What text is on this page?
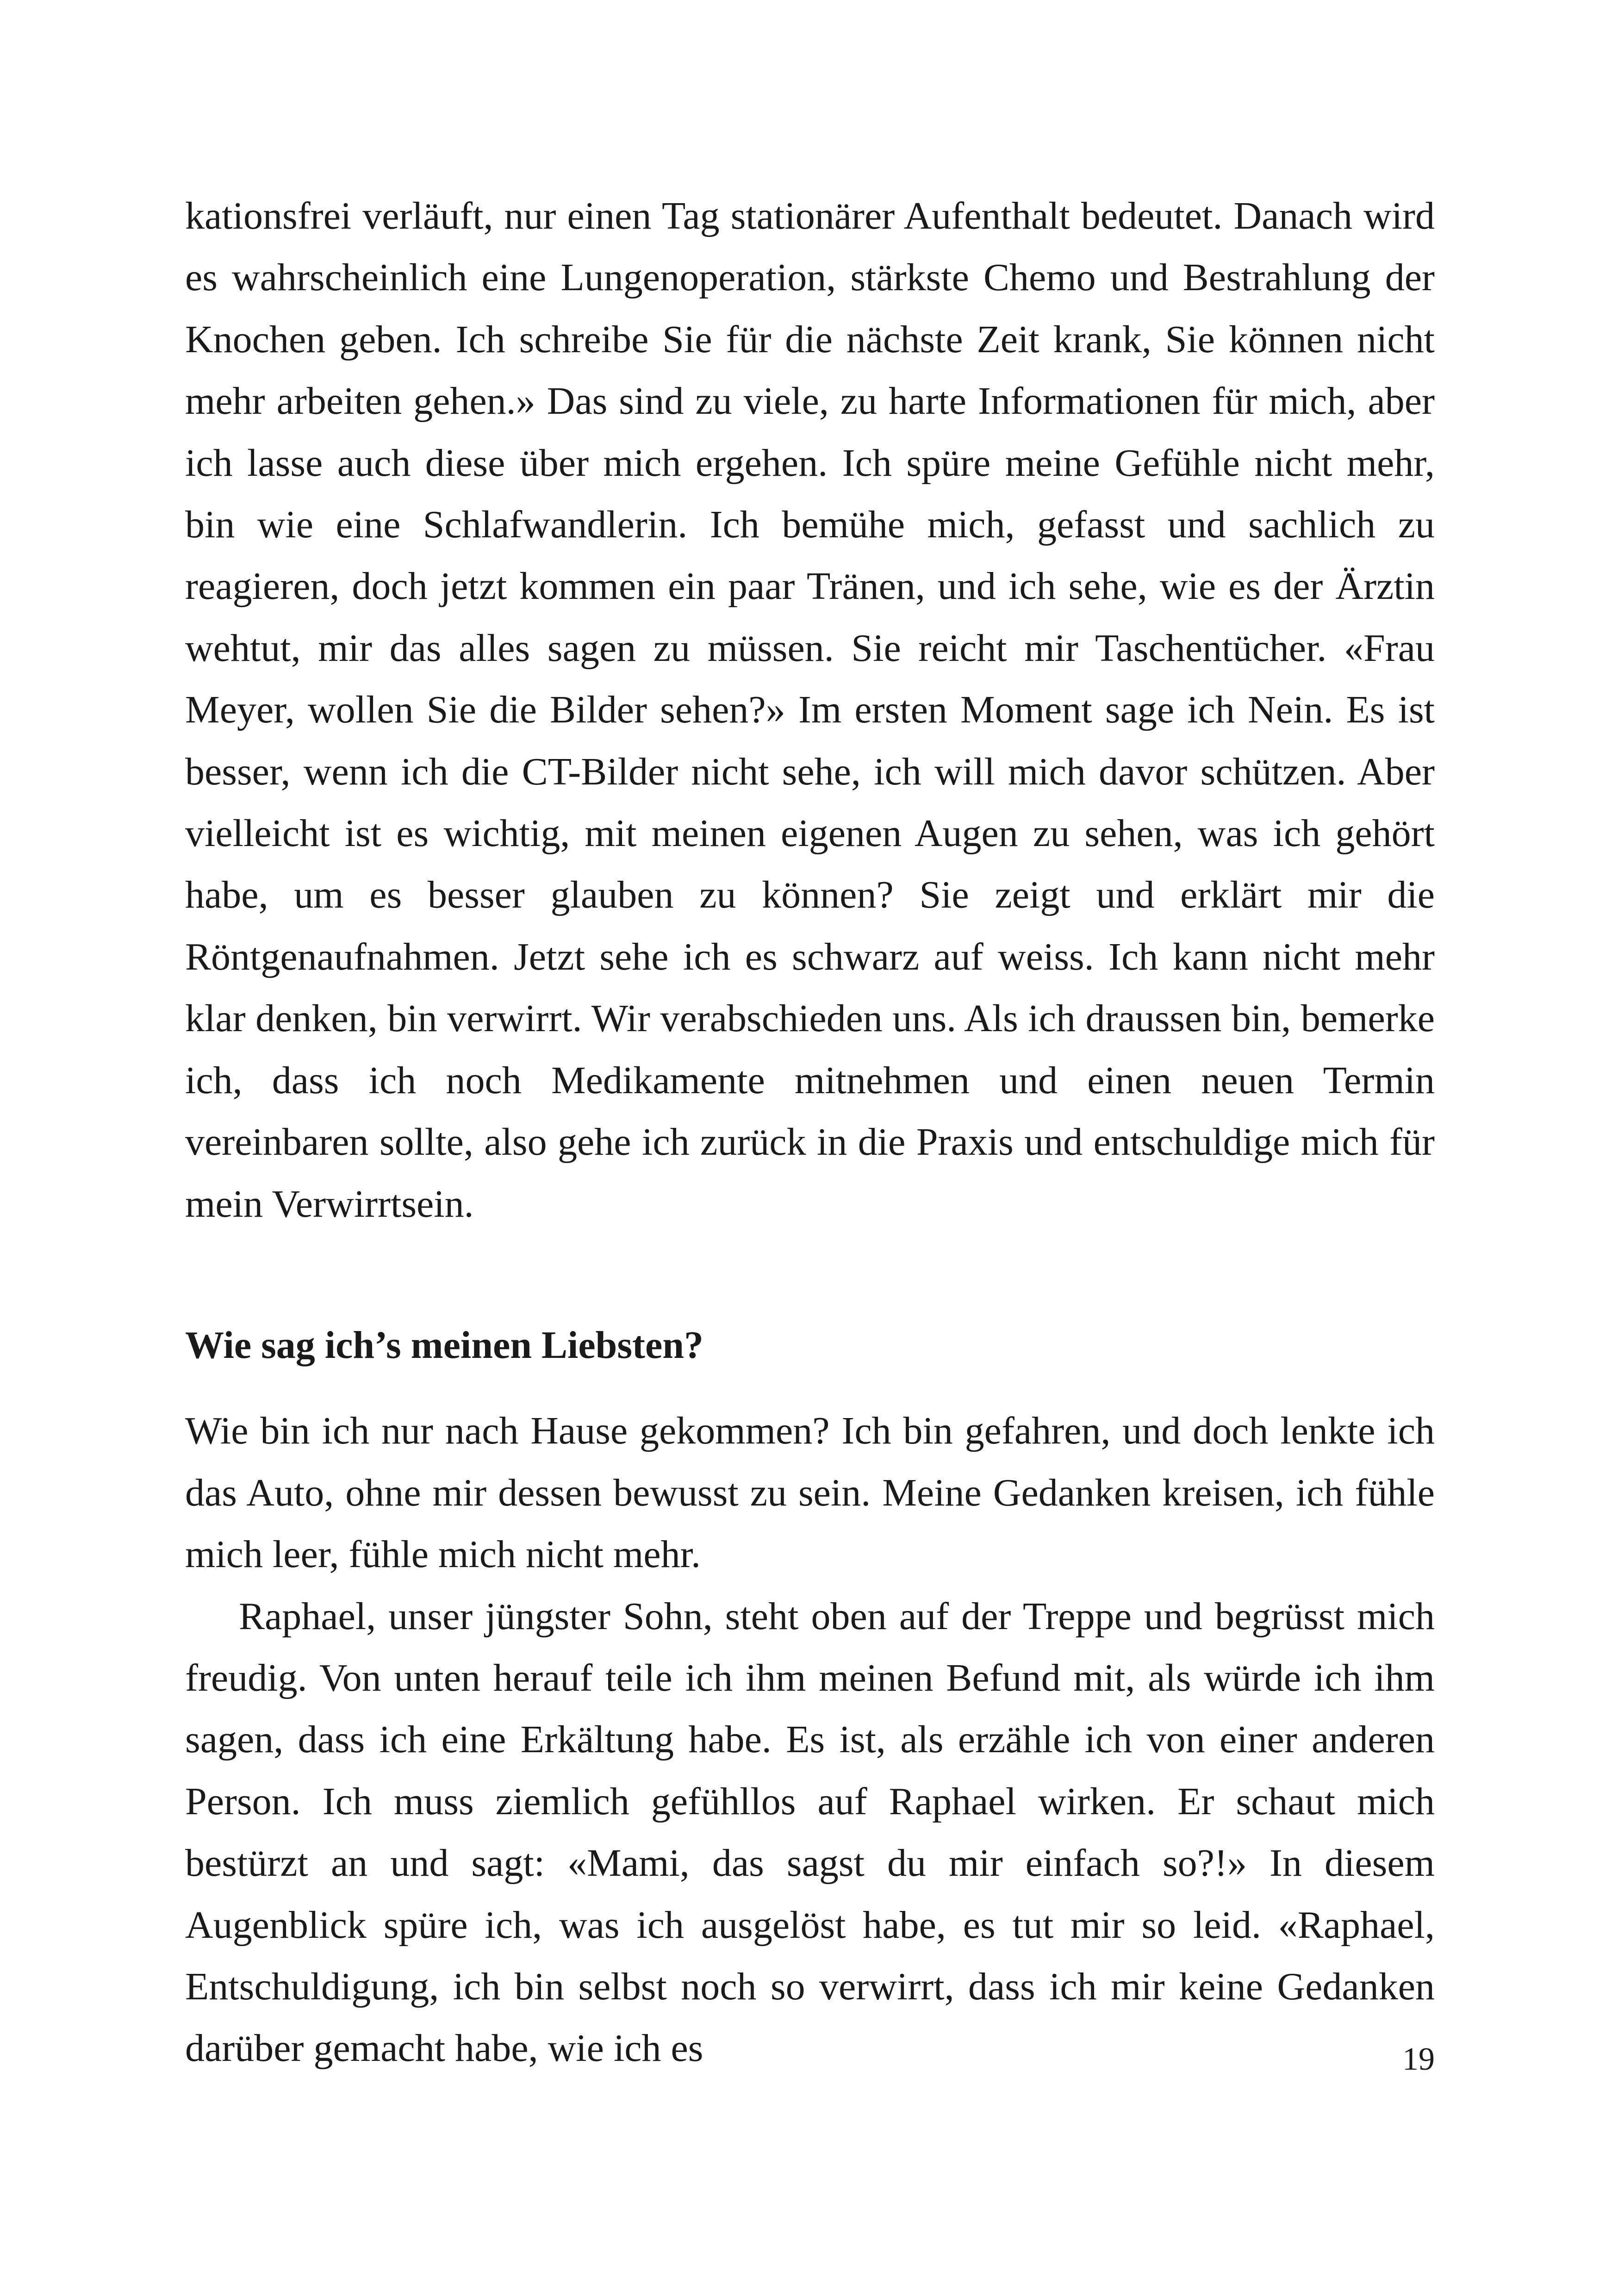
kationsfrei verläuft, nur einen Tag stationärer Aufenthalt bedeutet. Danach wird es wahrscheinlich eine Lungenoperation, stärkste Chemo und Bestrahlung der Knochen geben. Ich schreibe Sie für die nächste Zeit krank, Sie können nicht mehr arbeiten gehen.» Das sind zu viele, zu harte Informationen für mich, aber ich lasse auch diese über mich ergehen. Ich spüre meine Gefühle nicht mehr, bin wie eine Schlafwandlerin. Ich bemühe mich, gefasst und sachlich zu reagieren, doch jetzt kommen ein paar Tränen, und ich sehe, wie es der Ärztin wehtut, mir das alles sagen zu müssen. Sie reicht mir Taschentücher. «Frau Meyer, wollen Sie die Bilder sehen?» Im ersten Moment sage ich Nein. Es ist besser, wenn ich die CT-Bilder nicht sehe, ich will mich davor schützen. Aber vielleicht ist es wichtig, mit meinen eigenen Augen zu sehen, was ich gehört habe, um es besser glauben zu können? Sie zeigt und erklärt mir die Röntgenaufnahmen. Jetzt sehe ich es schwarz auf weiss. Ich kann nicht mehr klar denken, bin verwirrt. Wir verabschieden uns. Als ich draussen bin, bemerke ich, dass ich noch Medikamente mitnehmen und einen neuen Termin vereinbaren sollte, also gehe ich zurück in die Praxis und entschuldige mich für mein Verwirrtsein.

Wie sag ich’s meinen Liebsten?

Wie bin ich nur nach Hause gekommen? Ich bin gefahren, und doch lenkte ich das Auto, ohne mir dessen bewusst zu sein. Meine Gedanken kreisen, ich fühle mich leer, fühle mich nicht mehr.

Raphael, unser jüngster Sohn, steht oben auf der Treppe und begrüsst mich freudig. Von unten herauf teile ich ihm meinen Befund mit, als würde ich ihm sagen, dass ich eine Erkältung habe. Es ist, als erzähle ich von einer anderen Person. Ich muss ziemlich gefühllos auf Raphael wirken. Er schaut mich bestürzt an und sagt: «Mami, das sagst du mir einfach so?!» In diesem Augenblick spüre ich, was ich ausgelöst habe, es tut mir so leid. «Raphael, Entschuldigung, ich bin selbst noch so verwirrt, dass ich mir keine Gedanken darüber gemacht habe, wie ich es	19
